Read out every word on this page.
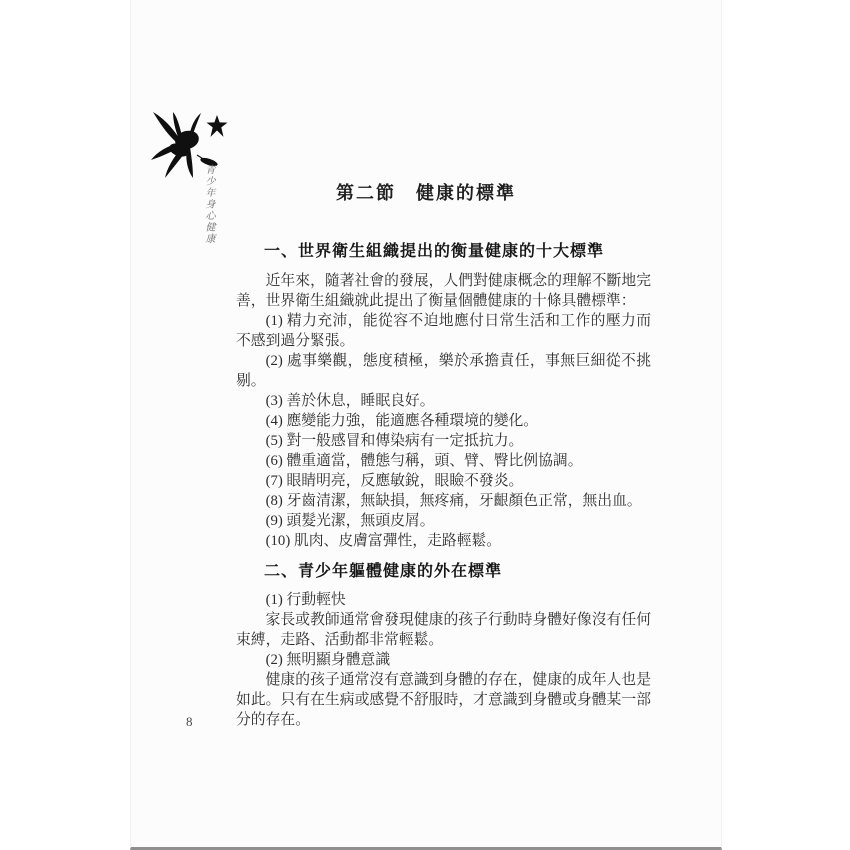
青少年身心健康	第二節　健康的標準
一、世界衛生組織提出的衡量健康的十大標準

近年來，隨著社會的發展，人們對健康概念的理解不斷地完善，世界衛生組織就此提出了衡量個體健康的十條具體標準：

(1) 精力充沛，能從容不迫地應付日常生活和工作的壓力而不感到過分緊張。

(2) 處事樂觀，態度積極，樂於承擔責任，事無巨細從不挑剔。

(3) 善於休息，睡眠良好。

(4) 應變能力強，能適應各種環境的變化。

(5) 對一般感冒和傳染病有一定抵抗力。

(6) 體重適當，體態勻稱，頭、臂、臀比例協調。

(7) 眼睛明亮，反應敏銳，眼瞼不發炎。

(8) 牙齒清潔，無缺損，無疼痛，牙齦顏色正常，無出血。

(9) 頭髮光潔，無頭皮屑。

(10) 肌肉、皮膚富彈性，走路輕鬆。

二、青少年軀體健康的外在標準

(1) 行動輕快

家長或教師通常會發現健康的孩子行動時身體好像沒有任何束縛，走路、活動都非常輕鬆。

(2) 無明顯身體意識

健康的孩子通常沒有意識到身體的存在，健康的成年人也是如此。只有在生病或感覺不舒服時，才意識到身體或身體某一部分的存在。

8
